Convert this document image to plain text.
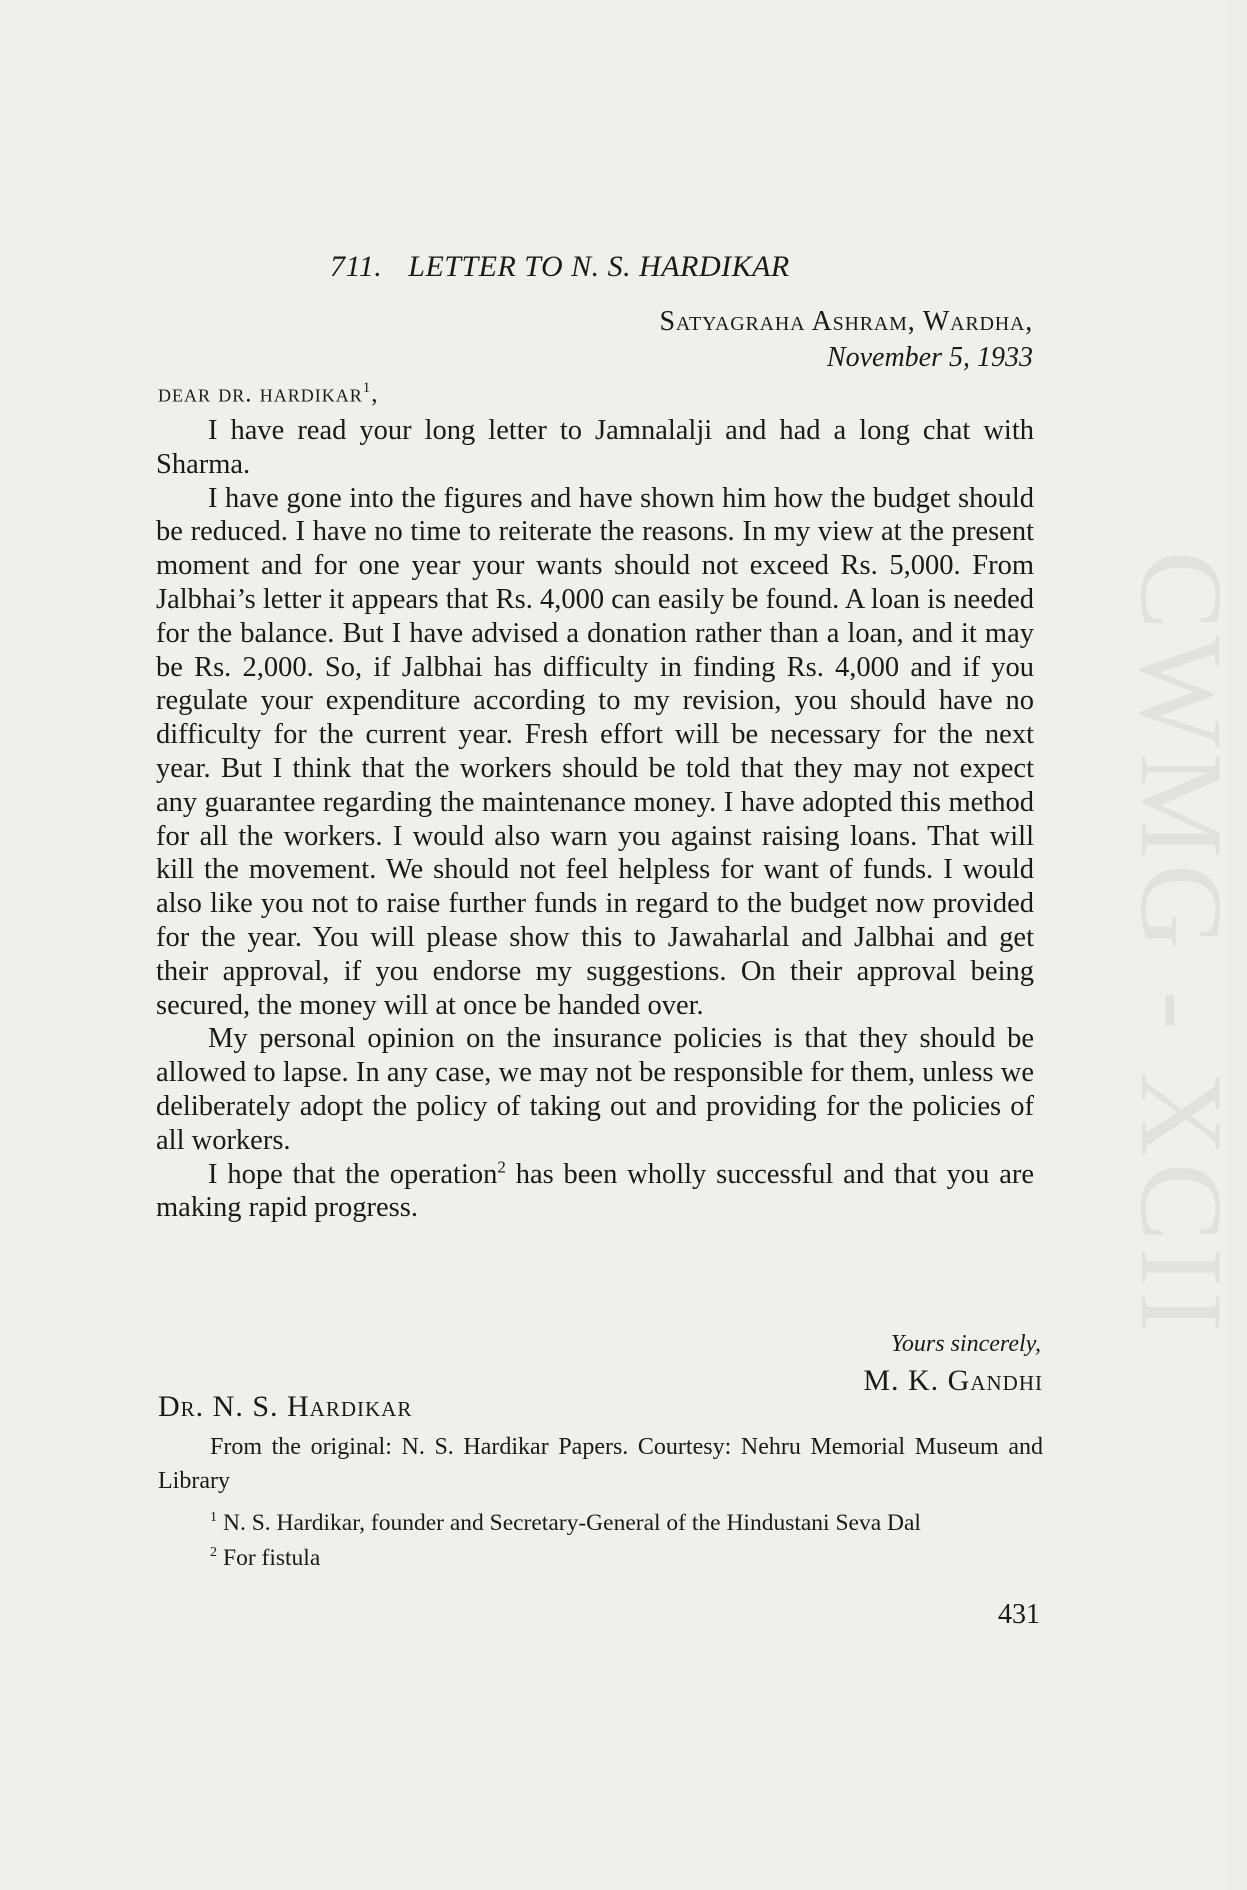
CWMG - XCII
711. LETTER TO N. S. HARDIKAR
Satyagraha Ashram, Wardha,
November 5, 1933
dear dr. hardikar$^1$,

I have read your long letter to Jamnalalji and had a long chat with Sharma.

I have gone into the figures and have shown him how the budget should be reduced. I have no time to reiterate the reasons. In my view at the present moment and for one year your wants should not exceed Rs. 5,000. From Jalbhai’s letter it appears that Rs. 4,000 can easily be found. A loan is needed for the balance. But I have advised a donation rather than a loan, and it may be Rs. 2,000. So, if Jalbhai has difficulty in finding Rs. 4,000 and if you regulate your expenditure according to my revision, you should have no difficulty for the current year. Fresh effort will be necessary for the next year. But I think that the workers should be told that they may not expect any guarantee regarding the maintenance money. I have adopted this method for all the workers. I would also warn you against raising loans. That will kill the movement. We should not feel helpless for want of funds. I would also like you not to raise further funds in regard to the budget now provided for the year. You will please show this to Jawaharlal and Jalbhai and get their approval, if you endorse my suggestions. On their approval being secured, the money will at once be handed over.

My personal opinion on the insurance policies is that they should be allowed to lapse. In any case, we may not be responsible for them, unless we deliberately adopt the policy of taking out and providing for the policies of all workers.

I hope that the operation$^2$ has been wholly successful and that you are making rapid progress.

Yours sincerely,
M. K. Gandhi
Dr. N. S. Hardikar
From the original: N. S. Hardikar Papers. Courtesy: Nehru Memorial Museum and Library
$^1$ N. S. Hardikar, founder and Secretary-General of the Hindustani Seva Dal
$^2$ For fistula
431
